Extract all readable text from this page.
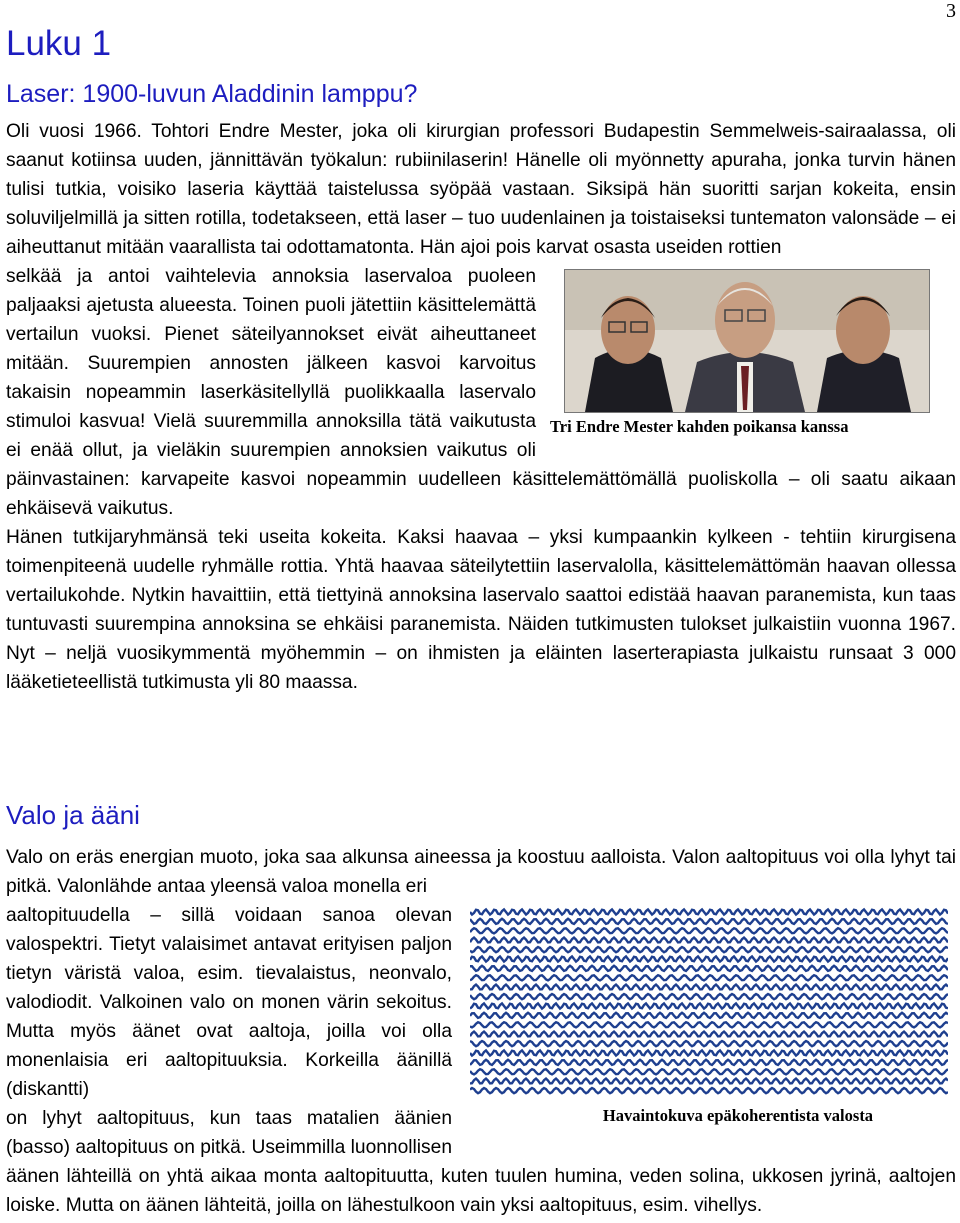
3
Luku 1
Laser: 1900-luvun Aladdinin lamppu?

Oli vuosi 1966. Tohtori Endre Mester, joka oli kirurgian professori Budapestin Semmelweis-sairaalassa, oli saanut kotiinsa uuden, jännittävän työkalun: rubiinilaserin! Hänelle oli myönnetty apuraha, jonka turvin hänen tulisi tutkia, voisiko laseria käyttää taistelussa syöpää vastaan. Siksipä hän suoritti sarjan kokeita, ensin soluviljelmillä ja sitten rotilla, todetakseen, että laser – tuo uudenlainen ja toistaiseksi tuntematon valonsäde – ei aiheuttanut mitään vaarallista tai odottamatonta. Hän ajoi pois karvat osasta useiden rottien

Tri Endre Mester kahden poikansa kanssa

selkää ja antoi vaihtelevia annoksia laservaloa puoleen paljaaksi ajetusta alueesta. Toinen puoli jätettiin käsittelemättä vertailun vuoksi. Pienet säteilyannokset eivät aiheuttaneet mitään. Suurempien annosten jälkeen kasvoi karvoitus takaisin nopeammin laserkäsitellyllä puolikkaalla laservalo stimuloi kasvua! Vielä suuremmilla annoksilla tätä vaikutusta ei enää ollut, ja vieläkin suurempien annoksien vaikutus oli päinvastainen: karvapeite kasvoi nopeammin uudelleen käsittelemättömällä puoliskolla – oli saatu aikaan ehkäisevä vaikutus.

Hänen tutkijaryhmänsä teki useita kokeita. Kaksi haavaa – yksi kumpaankin kylkeen - tehtiin kirurgisena toimenpiteenä uudelle ryhmälle rottia. Yhtä haavaa säteilytettiin laservalolla, käsittelemättömän haavan ollessa vertailukohde. Nytkin havaittiin, että tiettyinä annoksina laservalo saattoi edistää haavan paranemista, kun taas tuntuvasti suurempina annoksina se ehkäisi paranemista. Näiden tutkimusten tulokset julkaistiin vuonna 1967. Nyt – neljä vuosikymmentä myöhemmin – on ihmisten ja eläinten laserterapiasta julkaistu runsaat 3 000 lääketieteellistä tutkimusta yli 80 maassa.

Valo ja ääni

Valo on eräs energian muoto, joka saa alkunsa aineessa ja koostuu aalloista. Valon aaltopituus voi olla lyhyt tai pitkä. Valonlähde antaa yleensä valoa monella eri

Havaintokuva epäkoherentista valosta

aaltopituudella – sillä voidaan sanoa olevan valospektri. Tietyt valaisimet antavat erityisen paljon tietyn väristä valoa, esim. tievalaistus, neonvalo, valodiodit. Valkoinen valo on monen värin sekoitus. Mutta myös äänet ovat aaltoja, joilla voi olla monenlaisia eri aaltopituuksia. Korkeilla äänillä (diskantti)

on lyhyt aaltopituus, kun taas matalien äänien (basso) aaltopituus on pitkä. Useimmilla luonnollisen äänen lähteillä on yhtä aikaa monta aaltopituutta, kuten tuulen humina, veden solina, ukkosen jyrinä, aaltojen loiske. Mutta on äänen lähteitä, joilla on lähestulkoon vain yksi aaltopituus, esim. vihellys.
